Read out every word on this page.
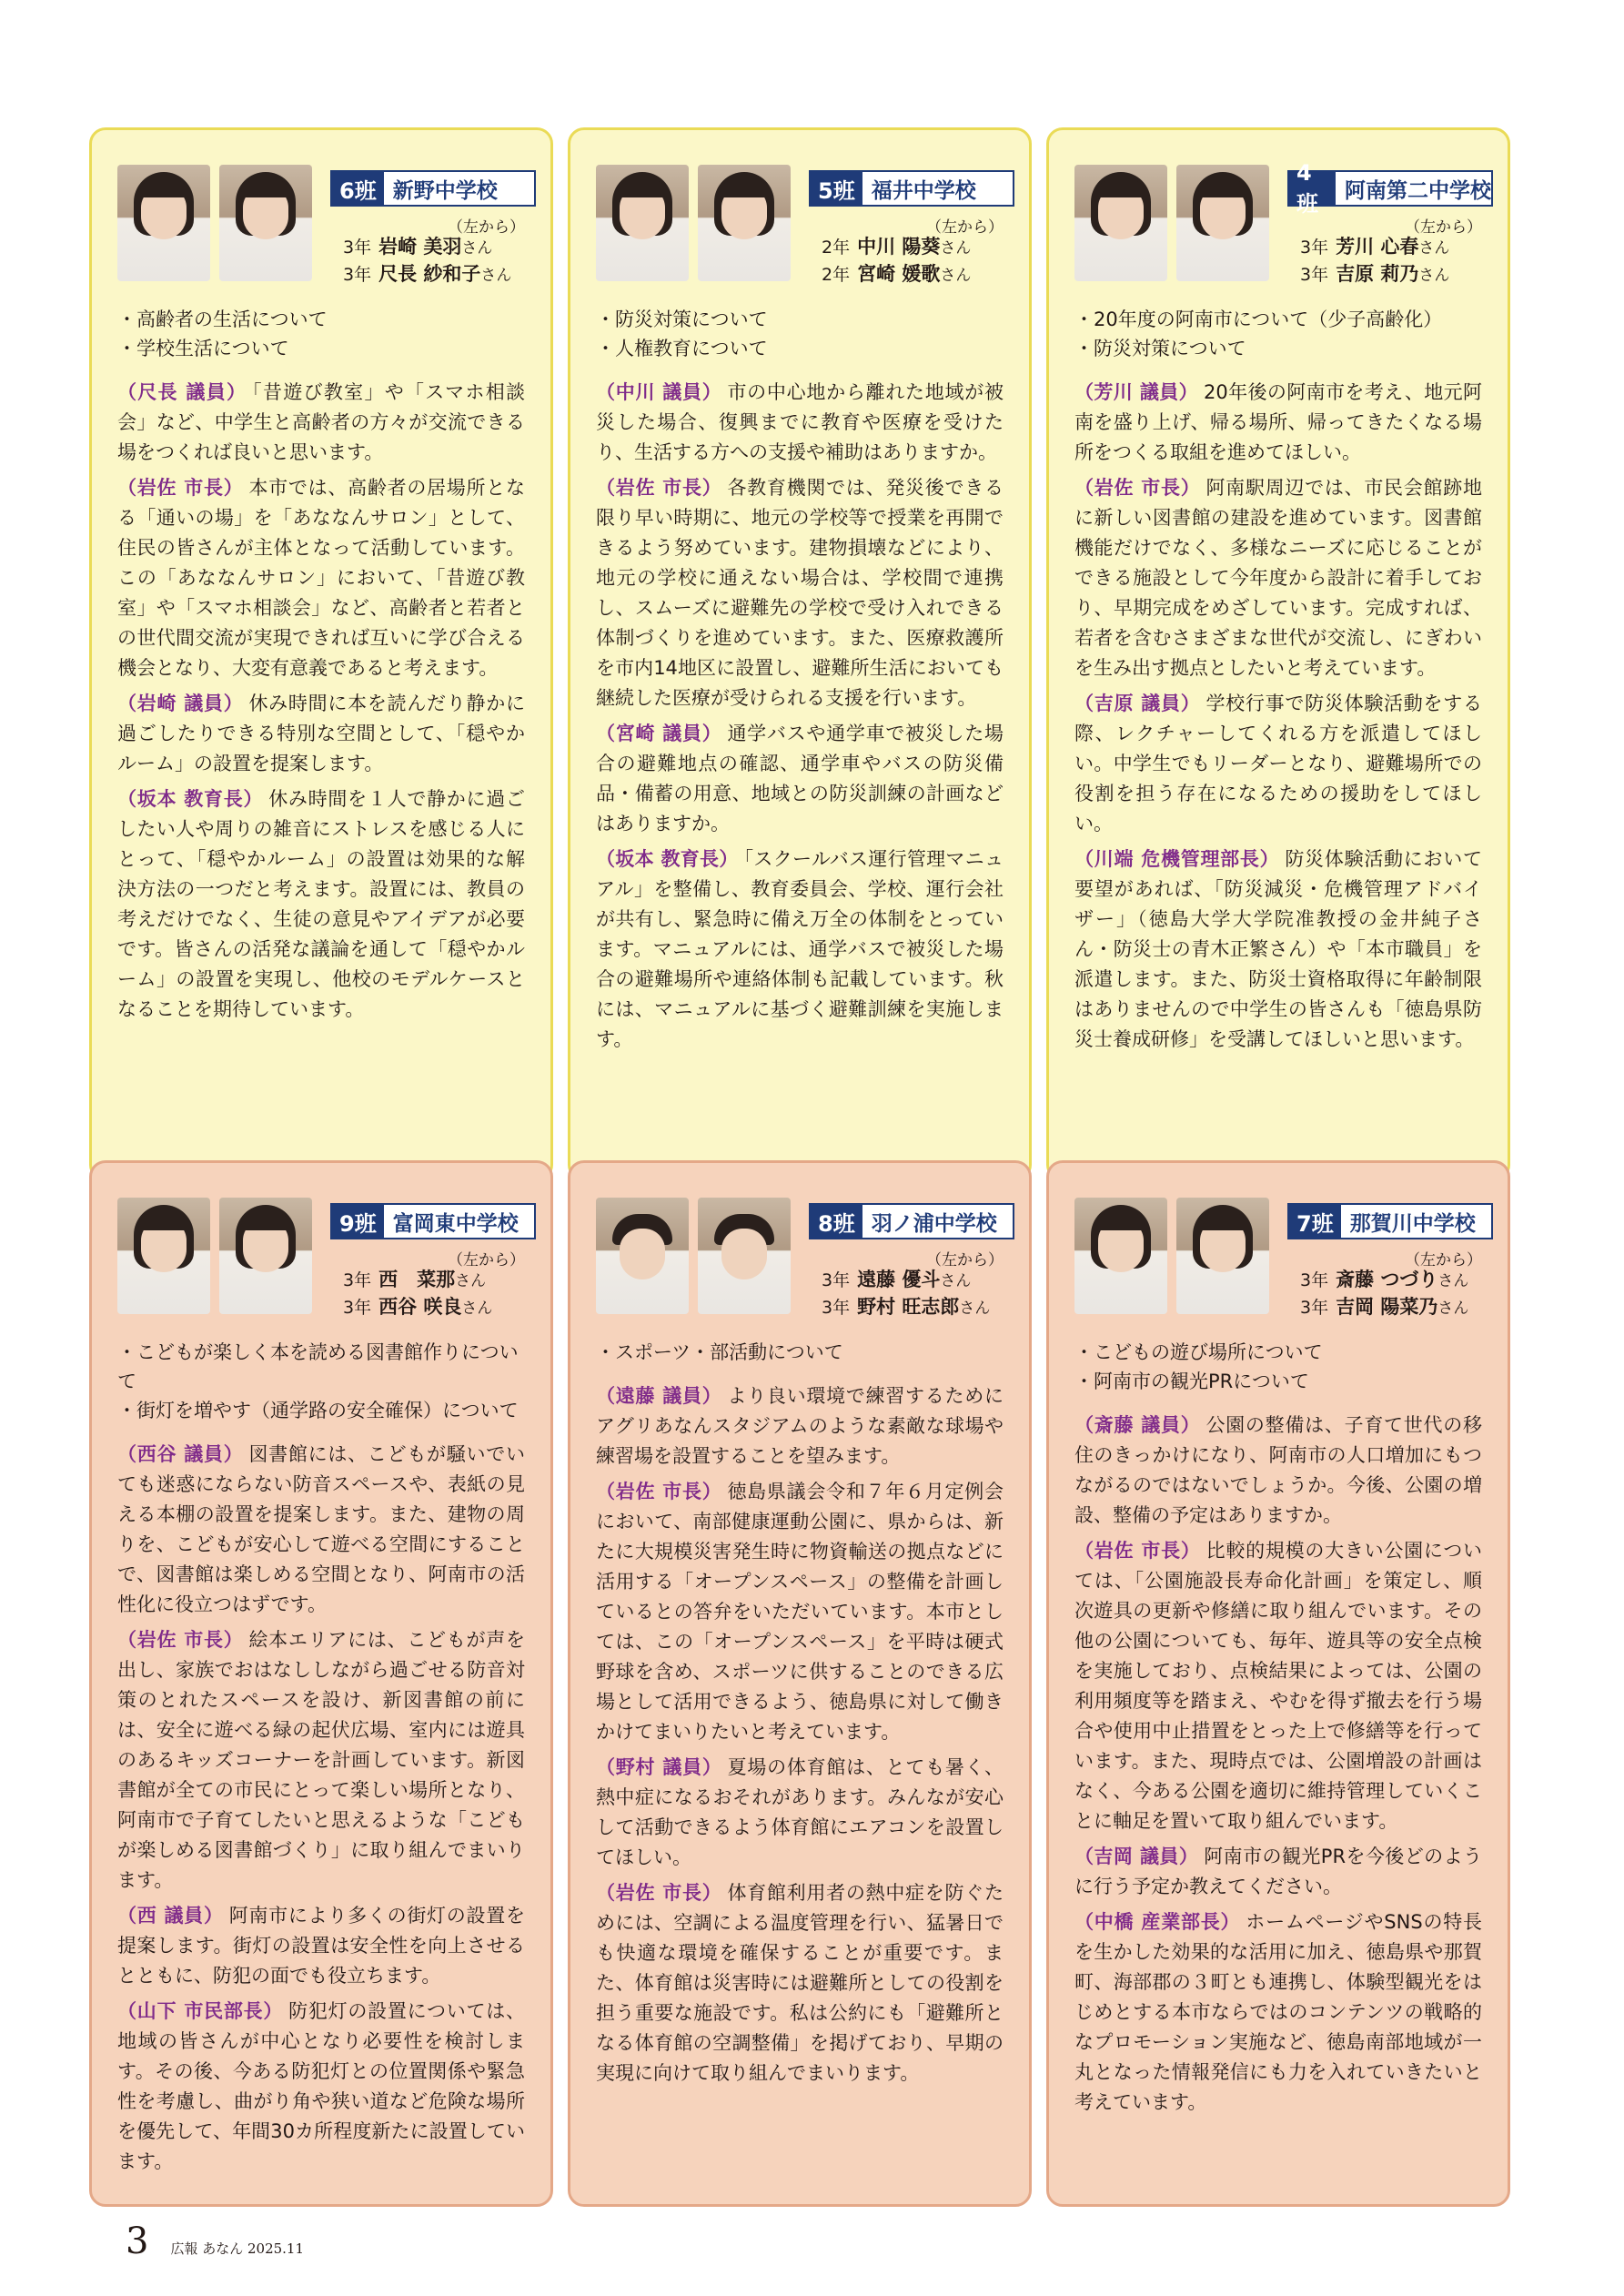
6班 新野中学校
（左から）
3年 岩崎 美羽さん
3年 尺長 紗和子さん
・高齢者の生活について
・学校生活について

（尺長 議員） 「昔遊び教室」や「スマホ相談会」など、中学生と高齢者の方々が交流できる場をつくれば良いと思います。

（岩佐 市長） 本市では、高齢者の居場所となる「通いの場」を「あななんサロン」として、住民の皆さんが主体となって活動しています。この「あななんサロン」において、「昔遊び教室」や「スマホ相談会」など、高齢者と若者との世代間交流が実現できれば互いに学び合える機会となり、大変有意義であると考えます。

（岩崎 議員） 休み時間に本を読んだり静かに過ごしたりできる特別な空間として、「穏やかルーム」の設置を提案します。

（坂本 教育長） 休み時間を１人で静かに過ごしたい人や周りの雑音にストレスを感じる人にとって、「穏やかルーム」の設置は効果的な解決方法の一つだと考えます。設置には、教員の考えだけでなく、生徒の意見やアイデアが必要です。皆さんの活発な議論を通して「穏やかルーム」の設置を実現し、他校のモデルケースとなることを期待しています。

5班 福井中学校
（左から）
2年 中川 陽葵さん
2年 宮崎 媛歌さん
・防災対策について
・人権教育について

（中川 議員） 市の中心地から離れた地域が被災した場合、復興までに教育や医療を受けたり、生活する方への支援や補助はありますか。

（岩佐 市長） 各教育機関では、発災後できる限り早い時期に、地元の学校等で授業を再開できるよう努めています。建物損壊などにより、地元の学校に通えない場合は、学校間で連携し、スムーズに避難先の学校で受け入れできる体制づくりを進めています。また、医療救護所を市内14地区に設置し、避難所生活においても継続した医療が受けられる支援を行います。

（宮崎 議員） 通学バスや通学車で被災した場合の避難地点の確認、通学車やバスの防災備品・備蓄の用意、地域との防災訓練の計画などはありますか。

（坂本 教育長） 「スクールバス運行管理マニュアル」を整備し、教育委員会、学校、運行会社が共有し、緊急時に備え万全の体制をとっています。マニュアルには、通学バスで被災した場合の避難場所や連絡体制も記載しています。秋には、マニュアルに基づく避難訓練を実施します。

4班	阿南第二中学校
（左から）
3年 芳川 心春さん
3年 吉原 莉乃さん
・20年度の阿南市について（少子高齢化）
・防災対策について

（芳川 議員） 20年後の阿南市を考え、地元阿南を盛り上げ、帰る場所、帰ってきたくなる場所をつくる取組を進めてほしい。

（岩佐 市長） 阿南駅周辺では、市民会館跡地に新しい図書館の建設を進めています。図書館機能だけでなく、多様なニーズに応じることができる施設として今年度から設計に着手しており、早期完成をめざしています。完成すれば、若者を含むさまざまな世代が交流し、にぎわいを生み出す拠点としたいと考えています。

（吉原 議員） 学校行事で防災体験活動をする際、レクチャーしてくれる方を派遣してほしい。中学生でもリーダーとなり、避難場所での役割を担う存在になるための援助をしてほしい。

（川端 危機管理部長） 防災体験活動において要望があれば、「防災減災・危機管理アドバイザー」（徳島大学大学院准教授の金井純子さん・防災士の青木正繁さん）や「本市職員」を派遣します。また、防災士資格取得に年齢制限はありませんので中学生の皆さんも「徳島県防災士養成研修」を受講してほしいと思います。

9班 富岡東中学校
（左から）
3年 西　菜那さん
3年 西谷 咲良さん
・こどもが楽しく本を読める図書館作りについて
・街灯を増やす（通学路の安全確保）について

（西谷 議員） 図書館には、こどもが騒いでいても迷惑にならない防音スペースや、表紙の見える本棚の設置を提案します。また、建物の周りを、こどもが安心して遊べる空間にすることで、図書館は楽しめる空間となり、阿南市の活性化に役立つはずです。

（岩佐 市長） 絵本エリアには、こどもが声を出し、家族でおはなししながら過ごせる防音対策のとれたスペースを設け、新図書館の前には、安全に遊べる緑の起伏広場、室内には遊具のあるキッズコーナーを計画しています。新図書館が全ての市民にとって楽しい場所となり、阿南市で子育てしたいと思えるような「こどもが楽しめる図書館づくり」に取り組んでまいります。

（西 議員） 阿南市により多くの街灯の設置を提案します。街灯の設置は安全性を向上させるとともに、防犯の面でも役立ちます。

（山下 市民部長） 防犯灯の設置については、地域の皆さんが中心となり必要性を検討します。その後、今ある防犯灯との位置関係や緊急性を考慮し、曲がり角や狭い道など危険な場所を優先して、年間30カ所程度新たに設置しています。

8班 羽ノ浦中学校
（左から）
3年 遠藤 優斗さん
3年 野村 旺志郎さん
・スポーツ・部活動について

（遠藤 議員） より良い環境で練習するためにアグリあなんスタジアムのような素敵な球場や練習場を設置することを望みます。

（岩佐 市長） 徳島県議会令和７年６月定例会において、南部健康運動公園に、県からは、新たに大規模災害発生時に物資輸送の拠点などに活用する「オープンスペース」の整備を計画しているとの答弁をいただいています。本市としては、この「オープンスペース」を平時は硬式野球を含め、スポーツに供することのできる広場として活用できるよう、徳島県に対して働きかけてまいりたいと考えています。

（野村 議員） 夏場の体育館は、とても暑く、熱中症になるおそれがあります。みんなが安心して活動できるよう体育館にエアコンを設置してほしい。

（岩佐 市長） 体育館利用者の熱中症を防ぐためには、空調による温度管理を行い、猛暑日でも快適な環境を確保することが重要です。また、体育館は災害時には避難所としての役割を担う重要な施設です。私は公約にも「避難所となる体育館の空調整備」を掲げており、早期の実現に向けて取り組んでまいります。

7班 那賀川中学校
（左から）
3年 斎藤 つづりさん
3年 吉岡 陽菜乃さん
・こどもの遊び場所について
・阿南市の観光PRについて

（斎藤 議員） 公園の整備は、子育て世代の移住のきっかけになり、阿南市の人口増加にもつながるのではないでしょうか。今後、公園の増設、整備の予定はありますか。

（岩佐 市長） 比較的規模の大きい公園については、「公園施設長寿命化計画」を策定し、順次遊具の更新や修繕に取り組んでいます。その他の公園についても、毎年、遊具等の安全点検を実施しており、点検結果によっては、公園の利用頻度等を踏まえ、やむを得ず撤去を行う場合や使用中止措置をとった上で修繕等を行っています。また、現時点では、公園増設の計画はなく、今ある公園を適切に維持管理していくことに軸足を置いて取り組んでいます。

（吉岡 議員） 阿南市の観光PRを今後どのように行う予定か教えてください。

（中橋 産業部長） ホームページやSNSの特長を生かした効果的な活用に加え、徳島県や那賀町、海部郡の３町とも連携し、体験型観光をはじめとする本市ならではのコンテンツの戦略的なプロモーション実施など、徳島南部地域が一丸となった情報発信にも力を入れていきたいと考えています。

3 広報 あなん 2025.11
